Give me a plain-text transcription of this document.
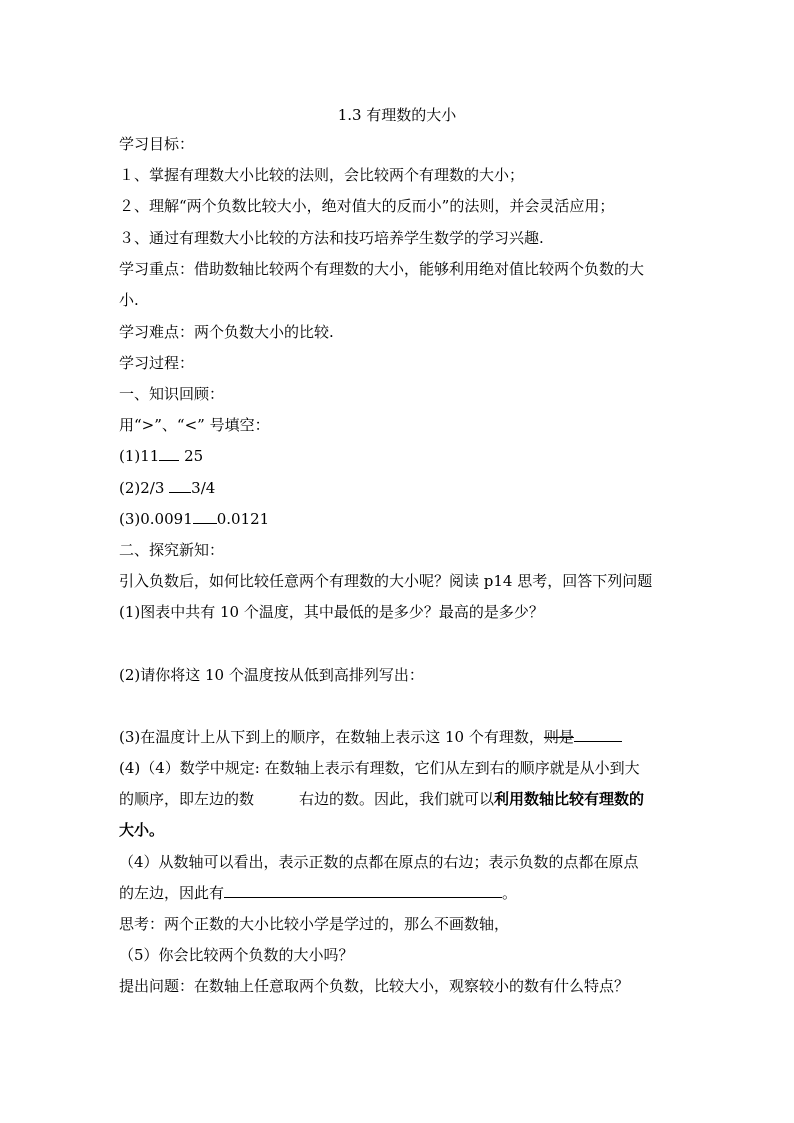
1.3 有理数的大小
学习目标：
１、掌握有理数大小比较的法则，会比较两个有理数的大小；
２、理解“两个负数比较大小，绝对值大的反而小”的法则，并会灵活应用；
３、通过有理数大小比较的方法和技巧培养学生数学的学习兴趣.
学习重点：借助数轴比较两个有理数的大小，能够利用绝对值比较两个负数的大
小.
学习难点：两个负数大小的比较.
学习过程：
一、知识回顾：
用“>”、“<” 号填空：
(1)11 25
(2)2/3 3/4
(3)0.0091 0.0121
二、探究新知：
引入负数后，如何比较任意两个有理数的大小呢？阅读 p14 思考，回答下列问题
(1)图表中共有 10 个温度，其中最低的是多少？最高的是多少？
(2)请你将这 10 个温度按从低到高排列写出：
(3)在温度计上从下到上的顺序，在数轴上表示这 10 个有理数，则是
(4)（4）数学中规定: 在数轴上表示有理数，它们从左到右的顺序就是从小到大
的顺序，即左边的数	右边的数。因此，我们就可以利用数轴比较有理数的
大小。
（4）从数轴可以看出，表示正数的点都在原点的右边；表示负数的点都在原点
的左边，因此有	。
思考：两个正数的大小比较小学是学过的，那么不画数轴，
（5）你会比较两个负数的大小吗？
提出问题：在数轴上任意取两个负数，比较大小，观察较小的数有什么特点？
